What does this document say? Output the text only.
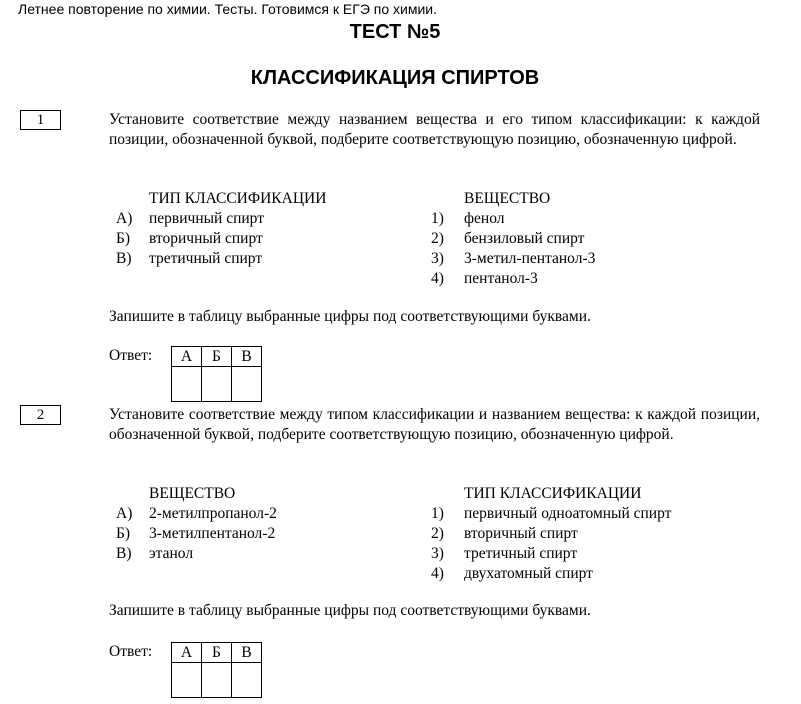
Летнее повторение по химии. Тесты. Готовимся к ЕГЭ по химии.
ТЕСТ №5
КЛАССИФИКАЦИЯ СПИРТОВ
1	Установите соответствие между названием вещества и его типом классификации: к каждой позиции, обозначенной буквой, подберите соответствующую позицию, обозначенную цифрой.
ТИП КЛАССИФИКАЦИИ
А)	первичный спирт
Б)	вторичный спирт
В)	третичный спирт
ВЕЩЕСТВО
1)	фенол
2)	бензиловый спирт
3)	3-метил-пентанол-3
4)	пентанол-3
Запишите в таблицу выбранные цифры под соответствующими буквами.
Ответ: А	Б	В

2	Установите соответствие между типом классификации и названием вещества: к каждой позиции, обозначенной буквой, подберите соответствующую позицию, обозначенную цифрой.
ВЕЩЕСТВО
А)	2-метилпропанол-2
Б)	3-метилпентанол-2
В)	этанол
ТИП КЛАССИФИКАЦИИ
1)	первичный одноатомный спирт
2)	вторичный спирт
3)	третичный спирт
4)	двухатомный спирт
Запишите в таблицу выбранные цифры под соответствующими буквами.
Ответ: А	Б	В
